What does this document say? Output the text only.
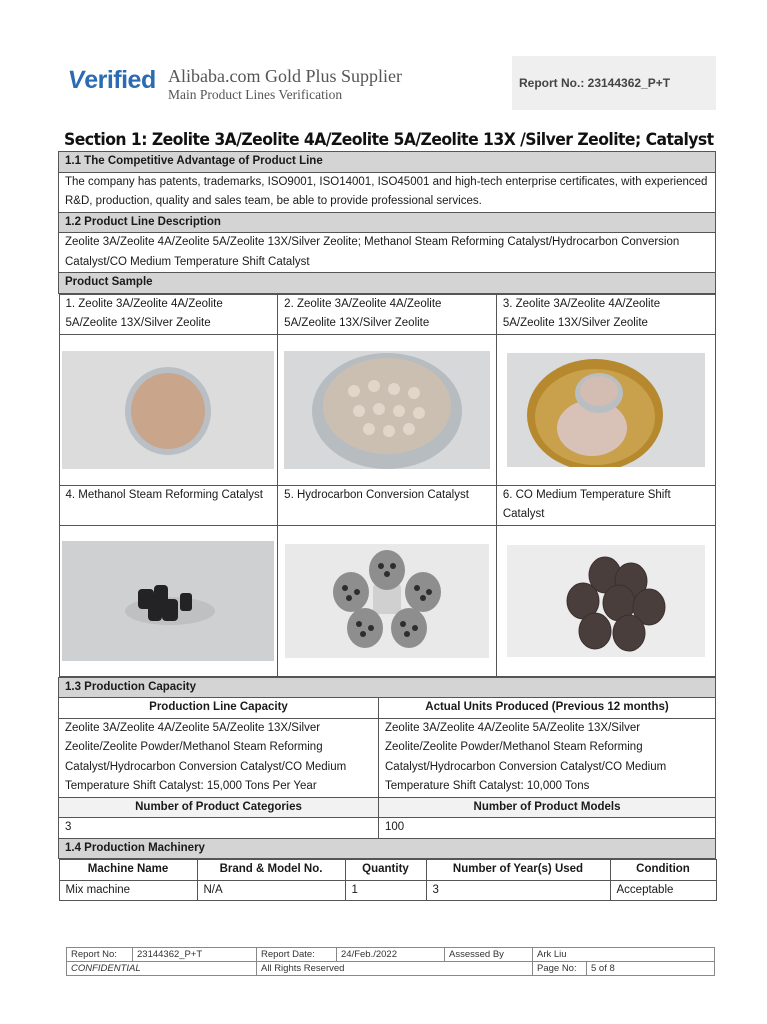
Verified Alibaba.com Gold Plus Supplier
Main Product Lines Verification
Report No.: 23144362_P+T
Section 1: Zeolite 3A/Zeolite 4A/Zeolite 5A/Zeolite 13X /Silver Zeolite; Catalyst
1.1 The Competitive Advantage of Product Line
The company has patents, trademarks, ISO9001, ISO14001, ISO45001 and high-tech enterprise certificates, with experienced R&D, production, quality and sales team, be able to provide professional services.
1.2 Product Line Description
Zeolite 3A/Zeolite 4A/Zeolite 5A/Zeolite 13X/Silver Zeolite; Methanol Steam Reforming Catalyst/Hydrocarbon Conversion Catalyst/CO Medium Temperature Shift Catalyst
Product Sample

1. Zeolite 3A/Zeolite 4A/Zeolite 5A/Zeolite 13X/Silver Zeolite	2. Zeolite 3A/Zeolite 4A/Zeolite 5A/Zeolite 13X/Silver Zeolite	3. Zeolite 3A/Zeolite 4A/Zeolite 5A/Zeolite 13X/Silver Zeolite

4. Methanol Steam Reforming Catalyst	5. Hydrocarbon Conversion Catalyst	6. CO Medium Temperature Shift Catalyst

1.3 Production Capacity
Production Line Capacity	Actual Units Produced (Previous 12 months)
Zeolite 3A/Zeolite 4A/Zeolite 5A/Zeolite 13X/Silver Zeolite/Zeolite Powder/Methanol Steam Reforming Catalyst/Hydrocarbon Conversion Catalyst/CO Medium Temperature Shift Catalyst: 15,000 Tons Per Year	Zeolite 3A/Zeolite 4A/Zeolite 5A/Zeolite 13X/Silver Zeolite/Zeolite Powder/Methanol Steam Reforming Catalyst/Hydrocarbon Conversion Catalyst/CO Medium Temperature Shift Catalyst: 10,000 Tons
Number of Product Categories	Number of Product Models
3	100
1.4 Production Machinery

Machine Name	Brand & Model No.	Quantity	Number of Year(s) Used	Condition
Mix machine	N/A	1	3	Acceptable
Report No:	23144362_P+T	Report Date:	24/Feb./2022	Assessed By	Ark Liu	
CONFIDENTIAL		All Rights Reserved			Page No:	5 of 8
